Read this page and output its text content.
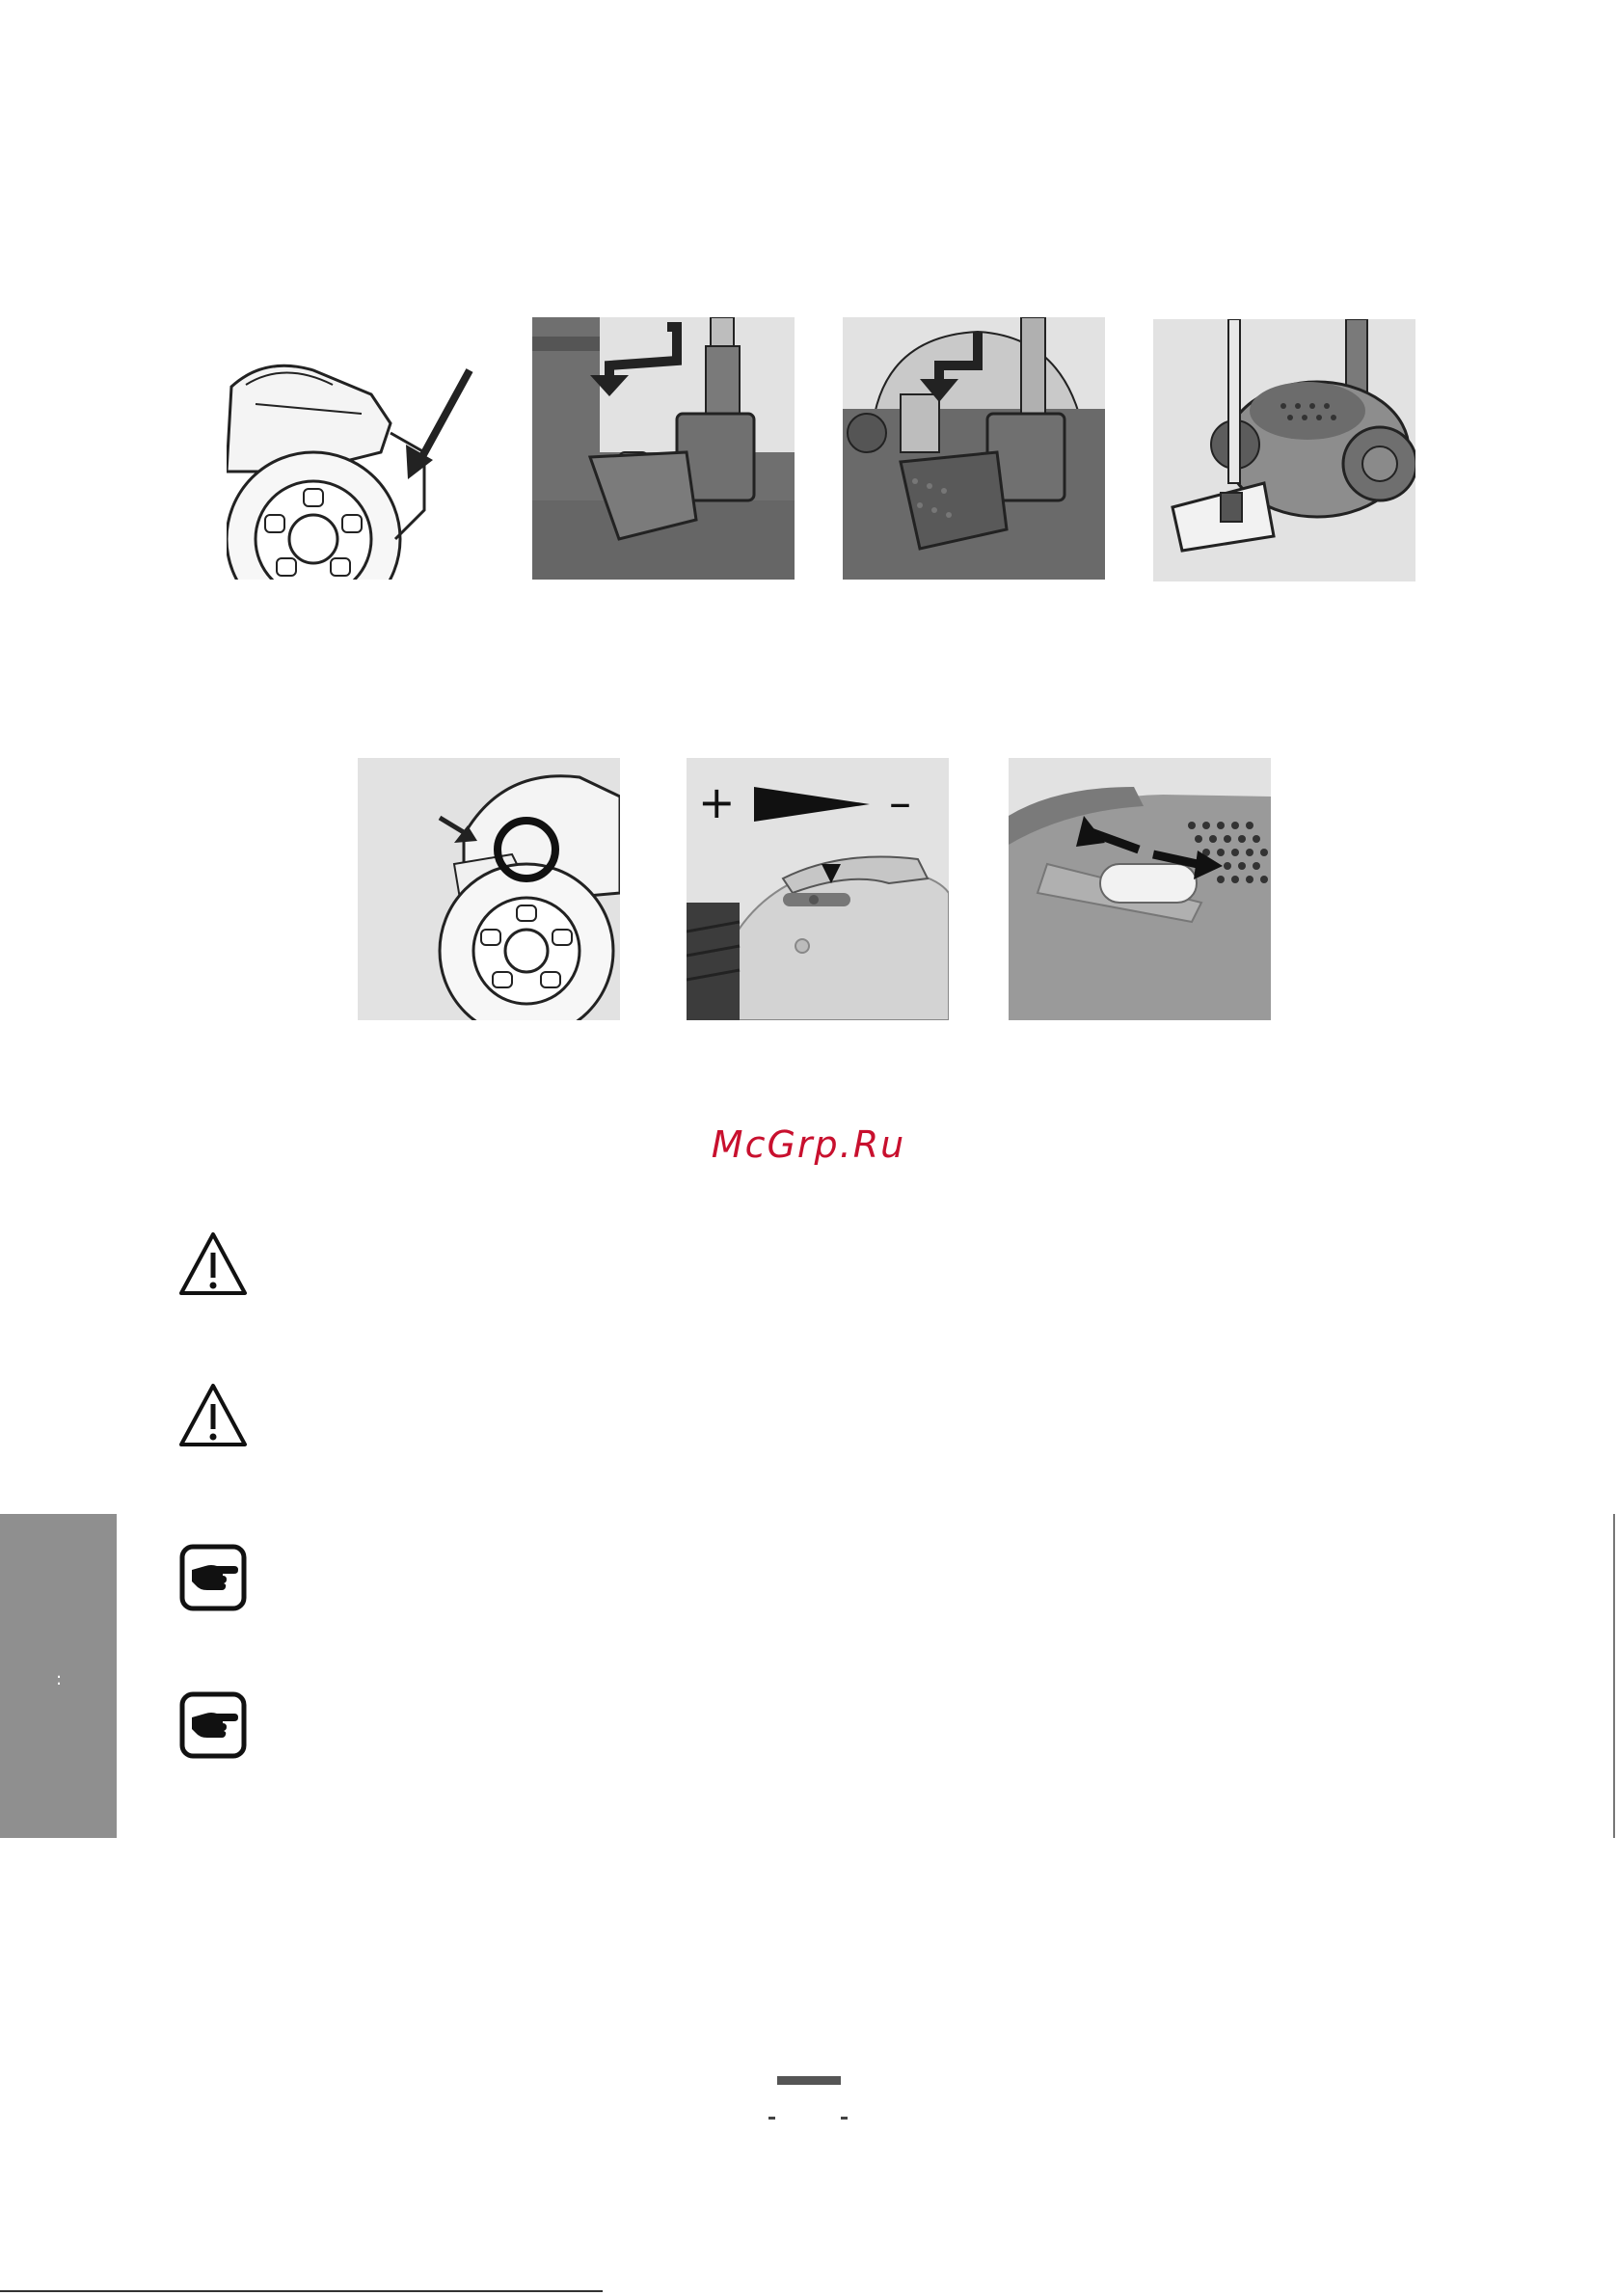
+	–
McGrp.Ru
:
